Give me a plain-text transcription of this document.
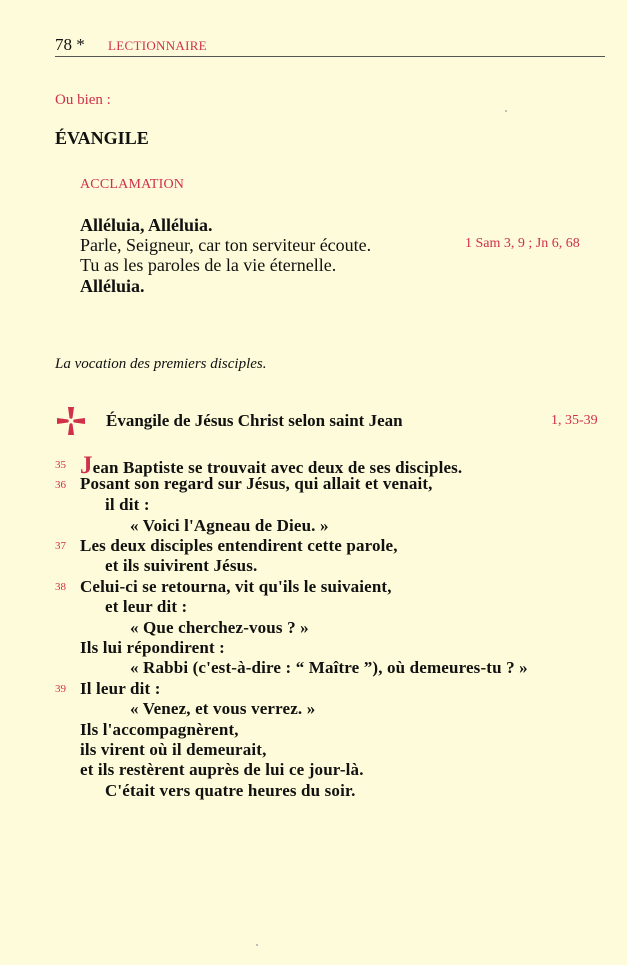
78 * LECTIONNAIRE
Ou bien :
ÉVANGILE
ACCLAMATION
Alléluia, Alléluia.
Parle, Seigneur, car ton serviteur écoute.
Tu as les paroles de la vie éternelle.
Alléluia.
1 Sam 3, 9 ; Jn 6, 68
La vocation des premiers disciples.
Évangile de Jésus Christ selon saint Jean	1, 35-39
35
36
37
38
39
Jean Baptiste se trouvait avec deux de ses disciples.
Posant son regard sur Jésus, qui allait et venait,
il dit :
« Voici l'Agneau de Dieu. »
Les deux disciples entendirent cette parole,
et ils suivirent Jésus.
Celui-ci se retourna, vit qu'ils le suivaient,
et leur dit :
« Que cherchez-vous ? »
Ils lui répondirent :
« Rabbi (c'est-à-dire : “ Maître ”), où demeures-tu ? »
Il leur dit :
« Venez, et vous verrez. »
Ils l'accompagnèrent,
ils virent où il demeurait,
et ils restèrent auprès de lui ce jour-là.
C'était vers quatre heures du soir.
